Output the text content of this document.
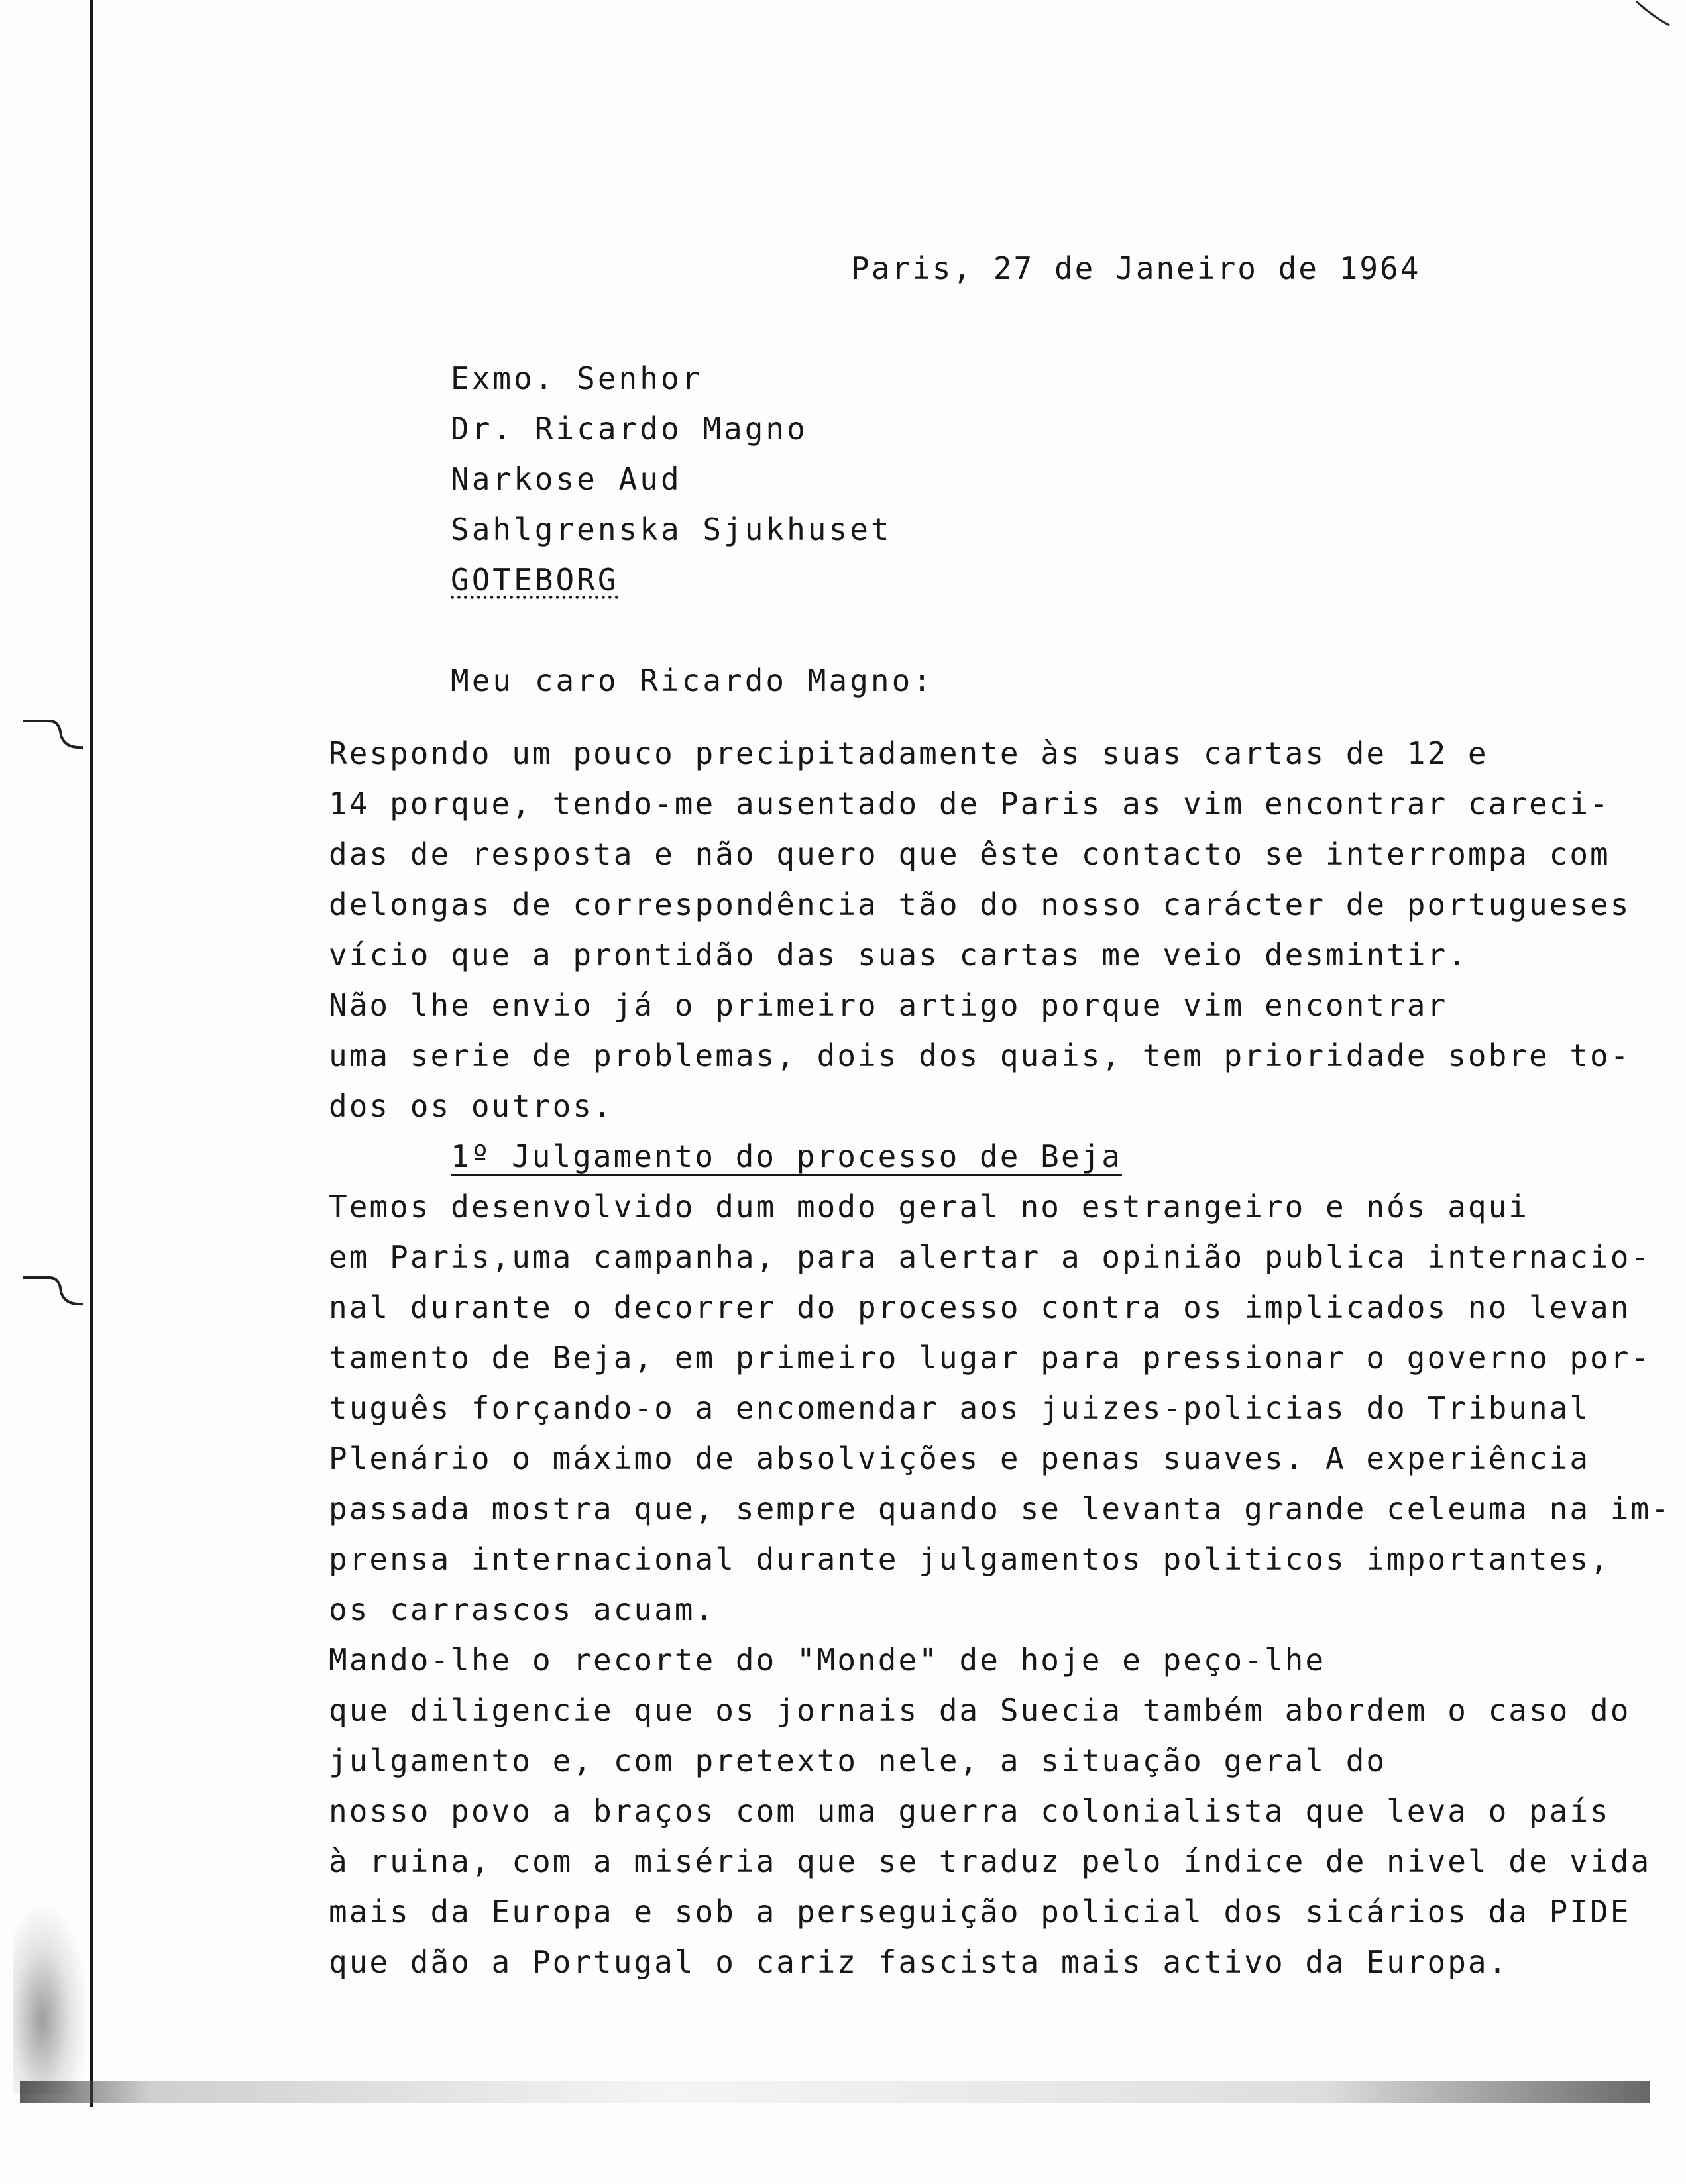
Paris, 27 de Janeiro de 1964
Exmo. Senhor
Dr. Ricardo Magno
Narkose Aud
Sahlgrenska Sjukhuset
GOTEBORG
Meu caro Ricardo Magno:
Respondo um pouco precipitadamente às suas cartas de 12 e
14 porque, tendo-me ausentado de Paris as vim encontrar careci-
das de resposta e não quero que êste contacto se interrompa com
delongas de correspondência tão do nosso carácter de portugueses
vício que a prontidão das suas cartas me veio desmintir.
Não lhe envio já o primeiro artigo porque vim encontrar
uma serie de problemas, dois dos quais, tem prioridade sobre to-
dos os outros.
1º Julgamento do processo de Beja
Temos desenvolvido dum modo geral no estrangeiro e nós aqui
em Paris,uma campanha, para alertar a opinião publica internacio-
nal durante o decorrer do processo contra os implicados no levan
tamento de Beja, em primeiro lugar para pressionar o governo por-
tuguês forçando-o a encomendar aos juizes-policias do Tribunal
Plenário o máximo de absolvições e penas suaves. A experiência
passada mostra que, sempre quando se levanta grande celeuma na im-
prensa internacional durante julgamentos politicos importantes,
os carrascos acuam.
Mando-lhe o recorte do "Monde" de hoje e peço-lhe
que diligencie que os jornais da Suecia também abordem o caso do
julgamento e, com pretexto nele, a situação geral do
nosso povo a braços com uma guerra colonialista que leva o país
à ruina, com a miséria que se traduz pelo índice de nivel de vida
mais da Europa e sob a perseguição policial dos sicários da PIDE
que dão a Portugal o cariz fascista mais activo da Europa.
